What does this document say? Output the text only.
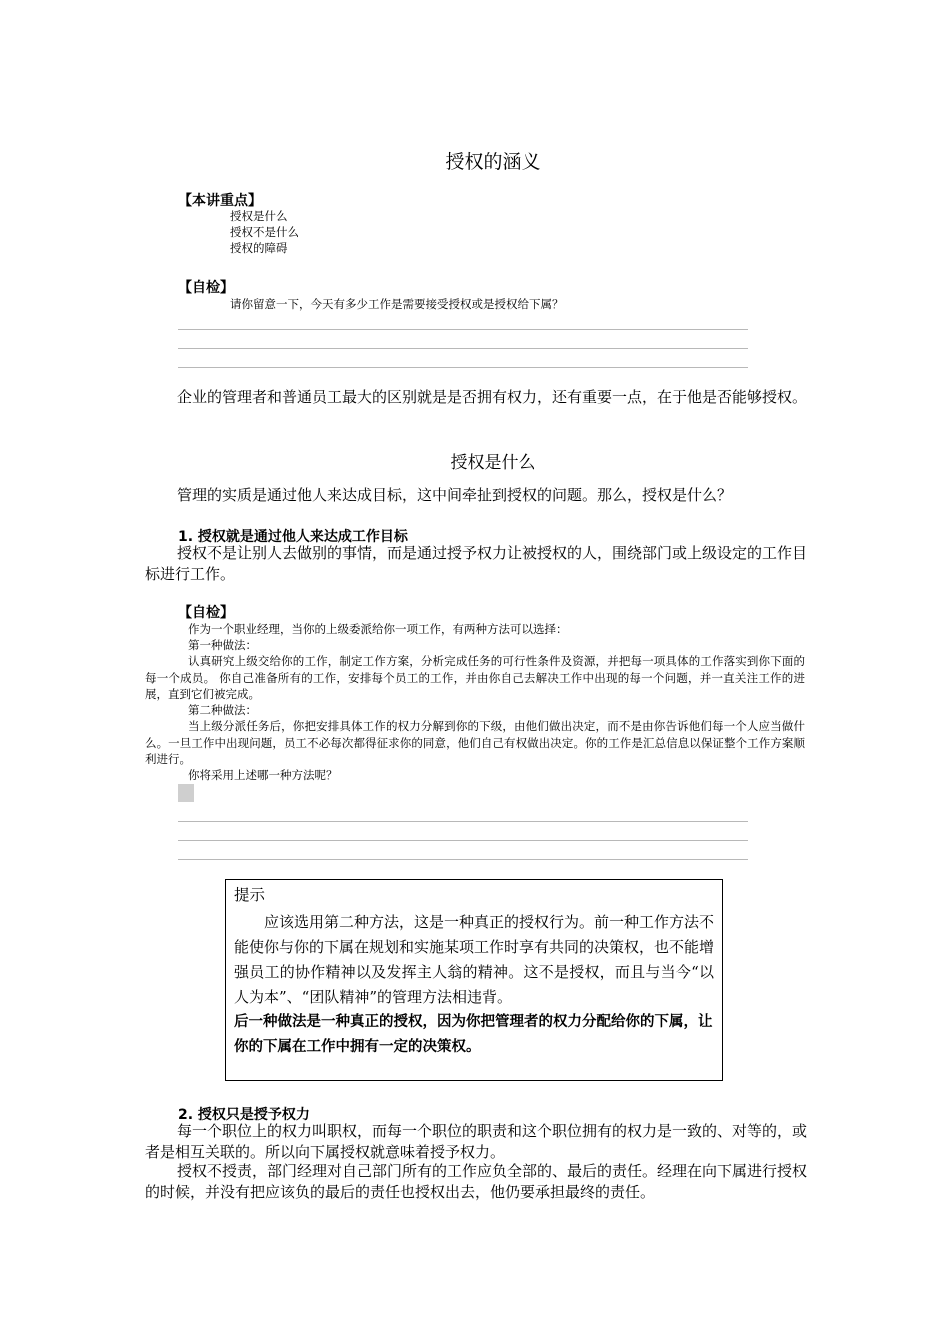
授权的涵义
【本讲重点】
授权是什么
授权不是什么
授权的障碍
【自检】
请你留意一下，今天有多少工作是需要接受授权或是授权给下属？
企业的管理者和普通员工最大的区别就是是否拥有权力，还有重要一点，在于他是否能够授权。
授权是什么
管理的实质是通过他人来达成目标，这中间牵扯到授权的问题。那么，授权是什么？
1. 授权就是通过他人来达成工作目标
授权不是让别人去做别的事情，而是通过授予权力让被授权的人，围绕部门或上级设定的工作目标进行工作。
【自检】
作为一个职业经理，当你的上级委派给你一项工作，有两种方法可以选择：
第一种做法：
认真研究上级交给你的工作，制定工作方案，分析完成任务的可行性条件及资源，并把每一项具体的工作落实到你下面的每一个成员。 你自己准备所有的工作，安排每个员工的工作，并由你自己去解决工作中出现的每一个问题，并一直关注工作的进展，直到它们被完成。
第二种做法：
当上级分派任务后，你把安排具体工作的权力分解到你的下级，由他们做出决定，而不是由你告诉他们每一个人应当做什么。一旦工作中出现问题，员工不必每次都得征求你的同意，他们自己有权做出决定。你的工作是汇总信息以保证整个工作方案顺利进行。
你将采用上述哪一种方法呢？
提示
应该选用第二种方法，这是一种真正的授权行为。前一种工作方法不能使你与你的下属在规划和实施某项工作时享有共同的决策权，也不能增强员工的协作精神以及发挥主人翁的精神。这不是授权，而且与当今“以人为本”、“团队精神”的管理方法相违背。
后一种做法是一种真正的授权，因为你把管理者的权力分配给你的下属，让你的下属在工作中拥有一定的决策权。
2. 授权只是授予权力
每一个职位上的权力叫职权，而每一个职位的职责和这个职位拥有的权力是一致的、对等的，或者是相互关联的。所以向下属授权就意味着授予权力。
授权不授责，部门经理对自己部门所有的工作应负全部的、最后的责任。经理在向下属进行授权的时候，并没有把应该负的最后的责任也授权出去，他仍要承担最终的责任。
